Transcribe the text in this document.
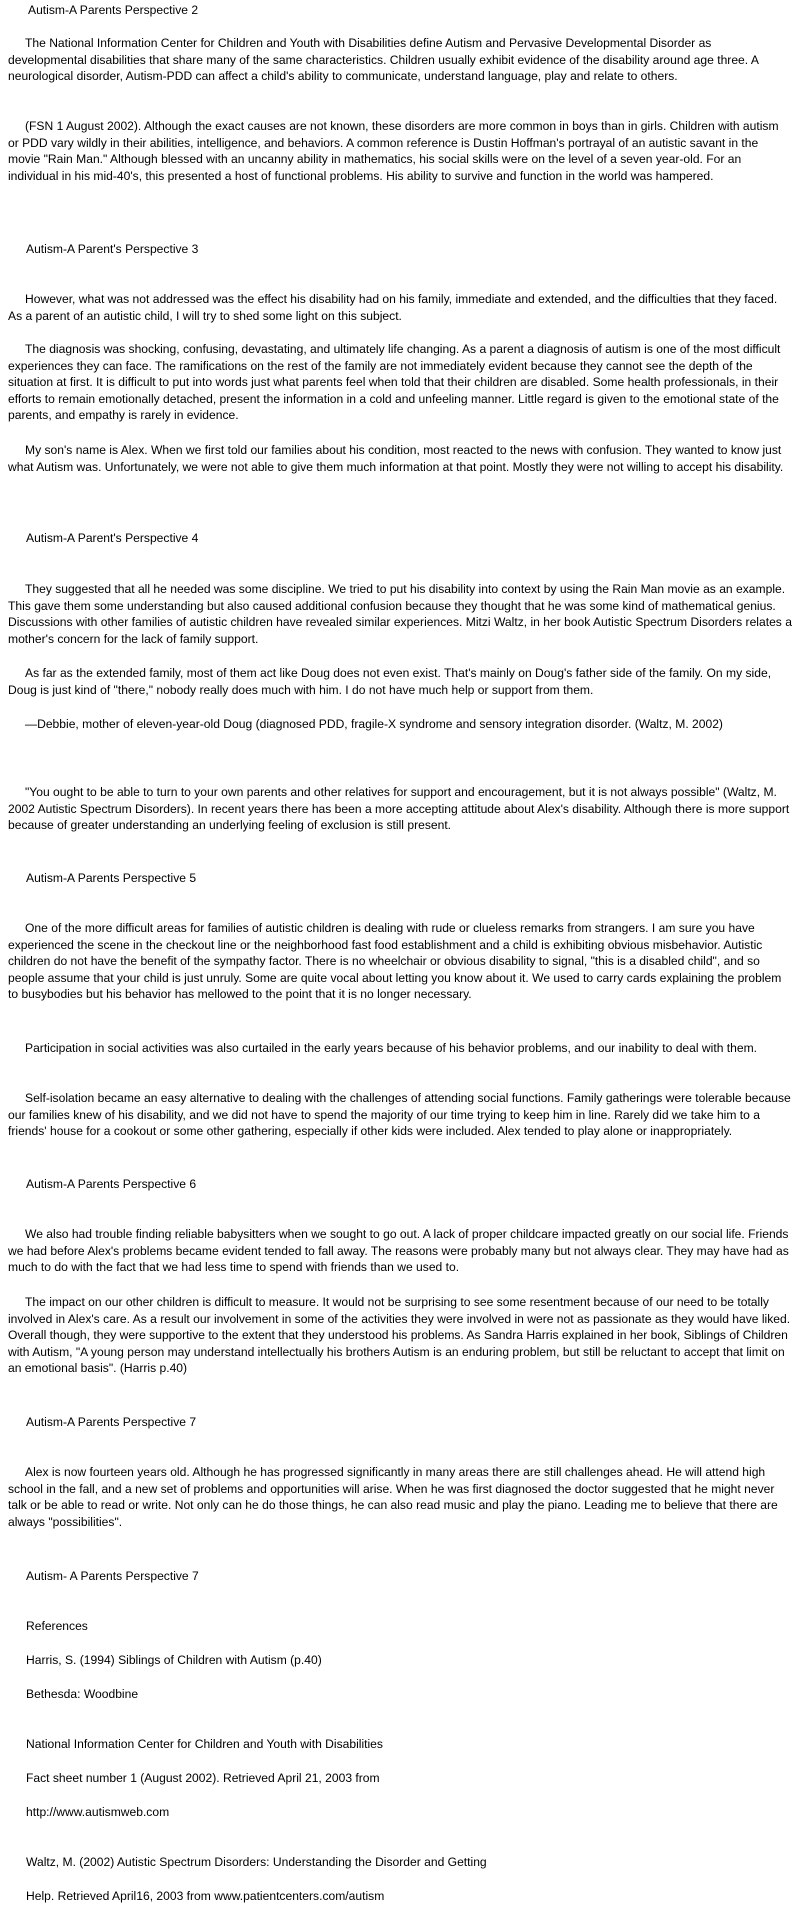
Autism-A Parents Perspective 2

The National Information Center for Children and Youth with Disabilities define Autism and Pervasive Developmental Disorder as developmental disabilities that share many of the same characteristics. Children usually exhibit evidence of the disability around age three. A neurological disorder, Autism-PDD can affect a child's ability to communicate, understand language, play and relate to others.

(FSN 1 August 2002). Although the exact causes are not known, these disorders are more common in boys than in girls. Children with autism or PDD vary wildly in their abilities, intelligence, and behaviors. A common reference is Dustin Hoffman's portrayal of an autistic savant in the movie "Rain Man." Although blessed with an uncanny ability in mathematics, his social skills were on the level of a seven year-old. For an individual in his mid-40's, this presented a host of functional problems. His ability to survive and function in the world was hampered.

Autism-A Parent's Perspective 3

However, what was not addressed was the effect his disability had on his family, immediate and extended, and the difficulties that they faced. As a parent of an autistic child, I will try to shed some light on this subject.

The diagnosis was shocking, confusing, devastating, and ultimately life changing. As a parent a diagnosis of autism is one of the most difficult experiences they can face. The ramifications on the rest of the family are not immediately evident because they cannot see the depth of the situation at first. It is difficult to put into words just what parents feel when told that their children are disabled. Some health professionals, in their efforts to remain emotionally detached, present the information in a cold and unfeeling manner. Little regard is given to the emotional state of the parents, and empathy is rarely in evidence.

My son's name is Alex. When we first told our families about his condition, most reacted to the news with confusion. They wanted to know just what Autism was. Unfortunately, we were not able to give them much information at that point. Mostly they were not willing to accept his disability.

Autism-A Parent's Perspective 4

They suggested that all he needed was some discipline. We tried to put his disability into context by using the Rain Man movie as an example. This gave them some understanding but also caused additional confusion because they thought that he was some kind of mathematical genius. Discussions with other families of autistic children have revealed similar experiences. Mitzi Waltz, in her book Autistic Spectrum Disorders relates a mother's concern for the lack of family support.

As far as the extended family, most of them act like Doug does not even exist. That's mainly on Doug's father side of the family. On my side, Doug is just kind of "there," nobody really does much with him. I do not have much help or support from them.

—Debbie, mother of eleven-year-old Doug (diagnosed PDD, fragile-X syndrome and sensory integration disorder. (Waltz, M. 2002)

"You ought to be able to turn to your own parents and other relatives for support and encouragement, but it is not always possible" (Waltz, M. 2002 Autistic Spectrum Disorders). In recent years there has been a more accepting attitude about Alex's disability. Although there is more support because of greater understanding an underlying feeling of exclusion is still present.

Autism-A Parents Perspective 5

One of the more difficult areas for families of autistic children is dealing with rude or clueless remarks from strangers. I am sure you have experienced the scene in the checkout line or the neighborhood fast food establishment and a child is exhibiting obvious misbehavior. Autistic children do not have the benefit of the sympathy factor. There is no wheelchair or obvious disability to signal, "this is a disabled child", and so people assume that your child is just unruly. Some are quite vocal about letting you know about it. We used to carry cards explaining the problem to busybodies but his behavior has mellowed to the point that it is no longer necessary.

Participation in social activities was also curtailed in the early years because of his behavior problems, and our inability to deal with them.

Self-isolation became an easy alternative to dealing with the challenges of attending social functions. Family gatherings were tolerable because our families knew of his disability, and we did not have to spend the majority of our time trying to keep him in line. Rarely did we take him to a friends' house for a cookout or some other gathering, especially if other kids were included. Alex tended to play alone or inappropriately.

Autism-A Parents Perspective 6

We also had trouble finding reliable babysitters when we sought to go out. A lack of proper childcare impacted greatly on our social life. Friends we had before Alex's problems became evident tended to fall away. The reasons were probably many but not always clear. They may have had as much to do with the fact that we had less time to spend with friends than we used to.

The impact on our other children is difficult to measure. It would not be surprising to see some resentment because of our need to be totally involved in Alex's care. As a result our involvement in some of the activities they were involved in were not as passionate as they would have liked. Overall though, they were supportive to the extent that they understood his problems. As Sandra Harris explained in her book, Siblings of Children with Autism, "A young person may understand intellectually his brothers Autism is an enduring problem, but still be reluctant to accept that limit on an emotional basis". (Harris p.40)

Autism-A Parents Perspective 7

Alex is now fourteen years old. Although he has progressed significantly in many areas there are still challenges ahead. He will attend high school in the fall, and a new set of problems and opportunities will arise. When he was first diagnosed the doctor suggested that he might never talk or be able to read or write. Not only can he do those things, he can also read music and play the piano. Leading me to believe that there are always "possibilities".

Autism- A Parents Perspective 7

References

Harris, S. (1994) Siblings of Children with Autism (p.40)

Bethesda: Woodbine

National Information Center for Children and Youth with Disabilities

Fact sheet number 1 (August 2002). Retrieved April 21, 2003 from

http://www.autismweb.com

Waltz, M. (2002) Autistic Spectrum Disorders: Understanding the Disorder and Getting

Help. Retrieved April16, 2003 from www.patientcenters.com/autism
